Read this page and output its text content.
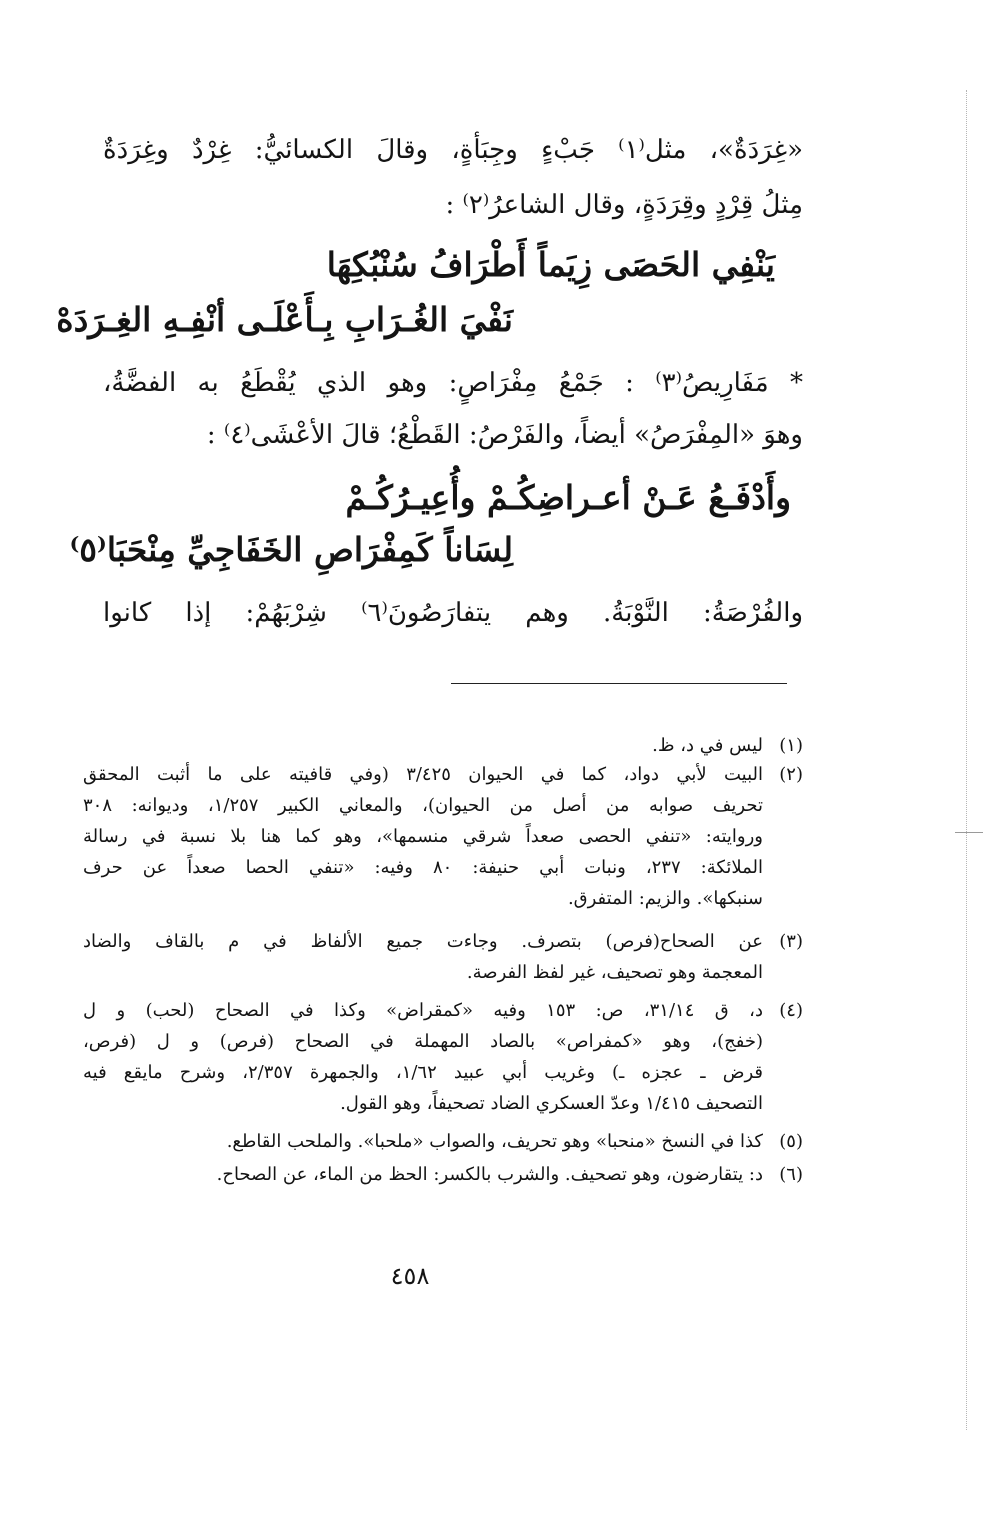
«غِرَدَةٌ»، مثل⁽١⁾ جَبْءٍ وجِبَأةٍ، وقالَ الكسائيُّ: غِرْدٌ وغِرَدَةٌ

مِثلُ قِرْدٍ وقِرَدَةٍ، وقال الشاعرُ⁽٢⁾ :

يَنْفِي الحَصَى زِيَماً أَطْرَافُ سُنْبُكِهَا

نَفْيَ الغُـرَابِ بِـأَعْلَـى أنْفِـهِ الغِـرَدَهْ

* مَفَارِيصُ⁽٣⁾ : جَمْعُ مِفْرَاصٍ: وهو الذي يُقْطَعُ به الفضَّةُ،

وهوَ «المِفْرَصُ» أيضاً، والفَرْصُ: القَطْعُ؛ قالَ الأعْشَى⁽٤⁾ :

وأَدْفَـعُ عَـنْ أعـراضِكُـمْ وأُعِيـرُكُـمْ

لِسَاناً كَمِفْرَاصِ الخَفَاجِيِّ مِنْحَبَا⁽٥⁾

والفُرْصَةُ: النَّوْبَةُ. وهم يتفارَصُونَ⁽٦⁾ شِرْبَهُمْ: إذا كانوا

(١)
ليس في د، ظ.
(٢)
البيت لأبي دواد، كما في الحيوان ٣/٤٢٥ (وفي قافيته على ما أثبت المحقق
تحريف صوابه من أصل من الحيوان)، والمعاني الكبير ١/٢٥٧، وديوانه: ٣٠٨
وروايته: «تنفي الحصى صعداً شرقي منسمها»، وهو كما هنا بلا نسبة في رسالة
الملائكة: ٢٣٧، ونبات أبي حنيفة: ٨٠ وفيه: «تنفي الحصا صعداً عن حرف
سنبكها». والزيم: المتفرق.
(٣)
عن الصحاح(فرص) بتصرف. وجاءت جميع الألفاظ في م بالقاف والضاد
المعجمة وهو تصحيف، غير لفظ الفرصة.
(٤)
د، ق ٣١/١٤، ص: ١٥٣ وفيه «كمقراض» وكذا في الصحاح (لحب) و ل
(خفج)، وهو «كمفراص» بالصاد المهملة في الصحاح (فرص) و ل (فرص،
قرض ـ عجزه ـ) وغريب أبي عبيد ١/٦٢، والجمهرة ٢/٣٥٧، وشرح مايقع فيه
التصحيف ١/٤١٥ وعدّ العسكري الضاد تصحيفاً، وهو القول.
(٥)
كذا في النسخ «منحبا» وهو تحريف، والصواب «ملحبا». والملحب القاطع.
(٦)
د: يتقارضون، وهو تصحيف. والشرب بالكسر: الحظ من الماء، عن الصحاح.
٤٥٨
